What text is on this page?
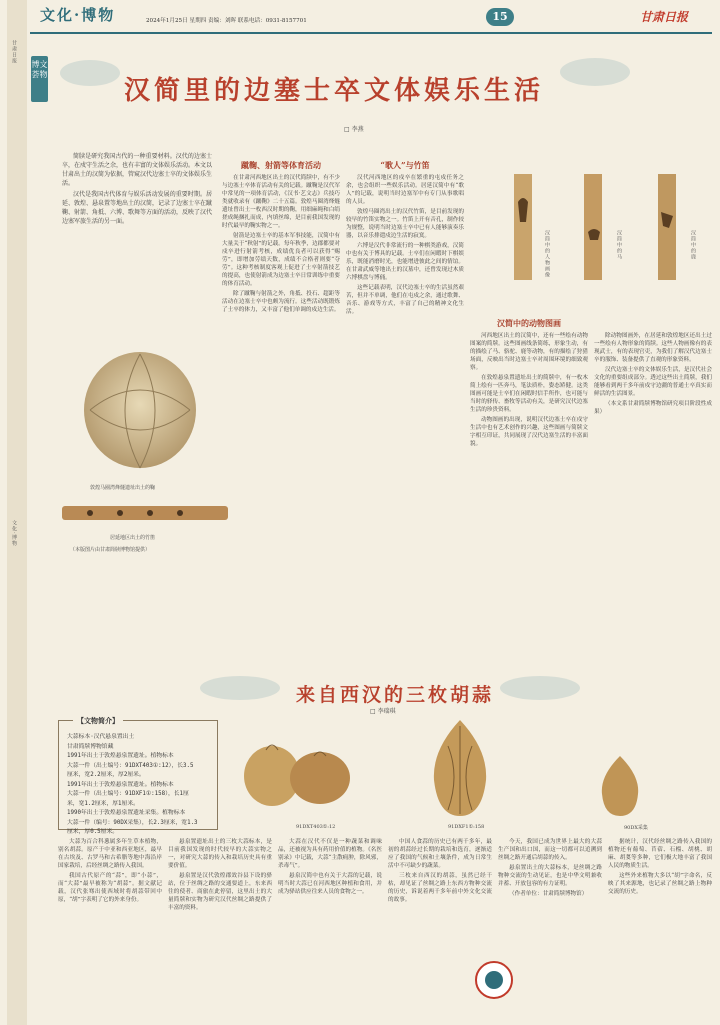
甘肃日报
文化·博物
文化·博物	2024年1月25日 星期四 责编：刘晖 联系电话：0931-8157701	15	甘肃日报
博文荟物
汉简里的边塞士卒文体娱乐生活
□ 李燕

简牍是研究我国古代的一种重要材料。汉代的边塞士卒，在戍守生活之余，也有丰富的文体娱乐活动。本文以甘肃出土的汉简为依据，管窥汉代边塞士卒的文体娱乐生活。

汉代是我国古代体育与娱乐活动发展的重要时期。居延、敦煌、悬泉置等地出土的汉简，记录了边塞士卒在蹴鞠、射箭、角抵、六博、歌舞等方面的活动，反映了汉代边塞军旅生活的另一面。

敦煌马圈湾烽燧遗址出土的鞠
居延地区出土的竹笛
（本版图片由甘肃简牍博物馆提供）
蹴鞠、射箭等体育活动

在甘肃河西地区出土的汉代简牍中，有不少与边塞士卒体育活动有关的记载。蹴鞠是汉代军中常见的一项体育活动，《汉书·艺文志》兵技巧类就收录有《蹴鞠》二十五篇。敦煌马圈湾烽燧遗址曾出土一枚西汉时期的鞠，用细麻绳和白绢搓成绳捆扎而成，内填丝绵，是目前我国发现的时代最早的鞠实物之一。

射箭是边塞士卒的基本军事技能，汉简中有大量关于“秋射”的记载。每年秋季，边郡都要对戍卒进行射箭考核，成绩优良者可以获得“赐劳”，即增加劳绩天数，成绩不合格者则要“夺劳”。这种考核制度客观上促进了士卒射箭技艺的提高，也使射箭成为边塞士卒日常训练中重要的体育活动。

除了蹴鞠与射箭之外，角抵、投石、超距等活动在边塞士卒中也颇为流行。这些活动既锻炼了士卒的体力，又丰富了他们单调的戍边生活。

“歌人”与竹笛

汉代河西地区的戍卒在繁重的屯戍任务之余，也会组织一些娱乐活动。居延汉简中有“歌人”的记载，说明当时边塞军中有专门从事歌唱的人员。

敦煌马圈湾出土的汉代竹笛，是目前发现的较早的竹笛实物之一。竹笛上开有音孔，制作较为规整，说明当时边塞士卒中已有人能够演奏乐器，以音乐排遣戍边生活的寂寞。

六博是汉代非常流行的一种棋类游戏，汉简中也有关于博具的记载。士卒们在闲暇时下棋娱乐，既能消磨时光，也能增进彼此之间的情谊。在甘肃武威等地出土的汉墓中，还曾发现过木质六博棋盘与博俑。

这些记载表明，汉代边塞士卒的生活虽然艰苦，但并不单调，他们在屯戍之余，通过歌舞、音乐、游戏等方式，丰富了自己的精神文化生活。

汉简中的人物画像	汉简中的马	汉简中的鹿
汉简中的动物图画

河西地区出土的汉简中，还有一些绘有动物图案的简牍。这些图画线条简练，形象生动，有的描绘了马、骆驼、鹿等动物，有的描绘了狩猎场面，反映出当时边塞士卒对周围环境的细致观察。

在敦煌悬泉置遗址出土的简牍中，有一枚木简上绘有一匹奔马，笔法质朴，姿态矫健。这类图画可能是士卒们在闲暇时信手所作，也可能与当时的驿传、畜牧等活动有关，是研究汉代边塞生活的珍贵资料。

动物图画的出现，说明汉代边塞士卒在戍守生活中也有艺术创作的兴趣，这些图画与简牍文字相互印证，共同展现了汉代边塞生活的丰富面貌。

除动物图画外，在居延和敦煌地区还出土过一些绘有人物形象的简牍。这些人物画像有的表现武士，有的表现官吏，为我们了解汉代边塞士卒的服饰、装备提供了直观的形象资料。

汉代边塞士卒的文体娱乐生活，是汉代社会文化的重要组成部分。透过这些出土简牍，我们能够看到两千多年前戍守边疆的普通士卒真实而鲜活的生活图景。

（本文系甘肃简牍博物馆研究项目阶段性成果）

来自西汉的三枚胡蒜
□ 李瑞琪
【文物简介】
大蒜标本·汉代悬泉置出土
甘肃简牍博物馆藏
1991年出土于敦煌悬泉置遗址。植物标本
大蒜一件（出土编号：91DXT403①:12），长3.5
厘米，宽2.2厘米，厚2厘米。
1991年出土于敦煌悬泉置遗址。植物标本
大蒜一件（出土编号：91DXF1①:158），长1厘
米，宽1.2厘米，厚1厘米。
1990年出土于敦煌悬泉置遗址采集。植物标本
大蒜一件（编号：90DX采集），长2.3厘米，宽1.3
厘米，厚0.5厘米。
91DXT403①:12	91DXF1①:158	90DX采集

大蒜为百合科葱属多年生草本植物，别名胡蒜。原产于中亚和西亚地区，最早在古埃及、古罗马和古希腊等地中海沿岸国家栽培，后经丝绸之路传入我国。

我国古代原产的“蒜”，即“小蒜”，而“大蒜”最早被称为“胡蒜”。据文献记载，汉代张骞出使西域时将胡蒜带回中原，“胡”字表明了它的外来身份。

悬泉置遗址出土的三枚大蒜标本，是目前我国发现的时代较早的大蒜实物之一，对研究大蒜的传入和栽培历史具有重要价值。

悬泉置是汉代敦煌郡效谷县下设的驿站，位于丝绸之路的交通要道上，东来西往的使者、商旅在此停留，这里出土的大量简牍和实物为研究汉代丝绸之路提供了丰富的资料。

大蒜在汉代不仅是一种蔬菜和调味品，还被视为具有药用价值的植物。《名医别录》中记载，大蒜“主散痈肿，除风邪，杀毒气”。

悬泉汉简中也有关于大蒜的记载，说明当时大蒜已在河西地区种植和食用，并成为驿站供应往来人员的食物之一。

中国人食蒜的历史已有两千多年，最初的胡蒜经过长期的栽培和选育，逐渐适应了我国的气候和土壤条件，成为日常生活中不可缺少的蔬菜。

三枚来自西汉的胡蒜，虽然已经干枯，却见证了丝绸之路上东西方物种交流的历史，诉说着两千多年前中外文化交流的故事。

今天，我国已成为世界上最大的大蒜生产国和出口国，而这一切都可以追溯到丝绸之路开通后胡蒜的传入。

悬泉置出土的大蒜标本，是丝绸之路物种交流的生动见证，也是中华文明兼收并蓄、开放包容的有力证明。

（作者单位：甘肃简牍博物馆）

据统计，汉代经丝绸之路传入我国的植物还有葡萄、苜蓿、石榴、胡桃、胡麻、胡荽等多种，它们极大地丰富了我国人民的物质生活。

这些外来植物大多以“胡”字命名，反映了其来源地，也记录了丝绸之路上物种交流的历史。
